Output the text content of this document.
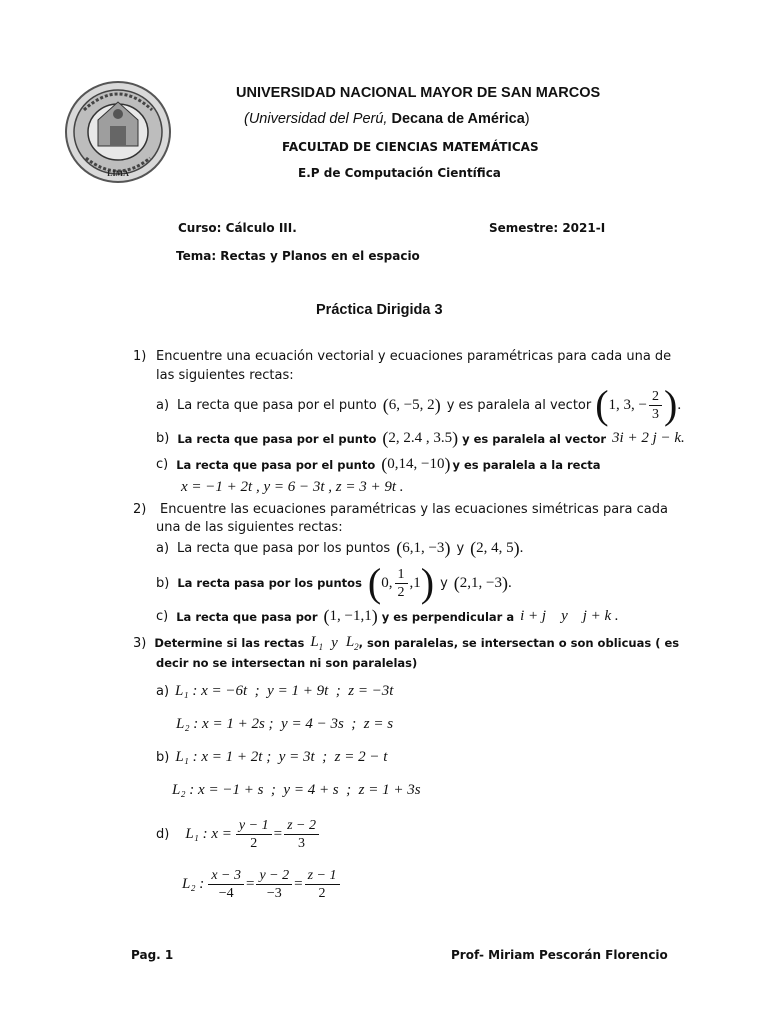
LIMA
UNIVERSIDAD NACIONAL MAYOR DE SAN MARCOS
(Universidad del Perú, Decana de América)
FACULTAD DE CIENCIAS MATEMÁTICAS
E.P de Computación Científica
Curso: Cálculo III.	Semestre: 2021-I
Tema: Rectas y Planos en el espacio
Práctica Dirigida 3
1) Encuentre una ecuación vectorial y ecuaciones paramétricas para cada una de
las siguientes rectas:
a) La recta que pasa por el punto ( 6, −5, 2 ) y es paralela al vector ( 1, 3, − $\frac{2}{3}$ ) .
b) La recta que pasa por el punto ( 2, 2.4 , 3.5 ) y es paralela al vector 3i + 2 j − k.
c) La recta que pasa por el punto ( 0,14, −10 ) y es paralela a la recta
x = −1 + 2t , y = 6 − 3t , z = 3 + 9t .
2) Encuentre las ecuaciones paramétricas y las ecuaciones simétricas para cada
una de las siguientes rectas:
a) La recta que pasa por los puntos ( 6,1, −3 ) y ( 2, 4, 5 ) .
b) La recta pasa por los puntos ( 0, $\frac{1}{2} ,1$ ) y ( 2,1, −3 ) .
c) La recta que pasa por ( 1, −1,1 ) y es perpendicular a i + j    y    j + k .
3) Determine si las rectas $L_1$ y $L_2$ , son paralelas, se intersectan o son oblicuas ( es
decir no se intersectan ni son paralelas)
a) L₁ : x = −6t  ;  y = 1 + 9t  ;  z = −3t
L₂ : x = 1 + 2s ;  y = 4 − 3s  ;  z = s
b) L₁ : x = 1 + 2t ;  y = 3t  ;  z = 2 − t
L₂ : x = −1 + s  ;  y = 4 + s  ;  z = 1 + 3s
d) L₁ : $x = \frac{y - 1}{2} = \frac{z - 2}{3}$
L₂ : $\frac{x - 3}{-4} = \frac{y - 2}{-3} = \frac{z - 1}{2}$
Pag. 1	Prof- Miriam Pescorán Florencio
